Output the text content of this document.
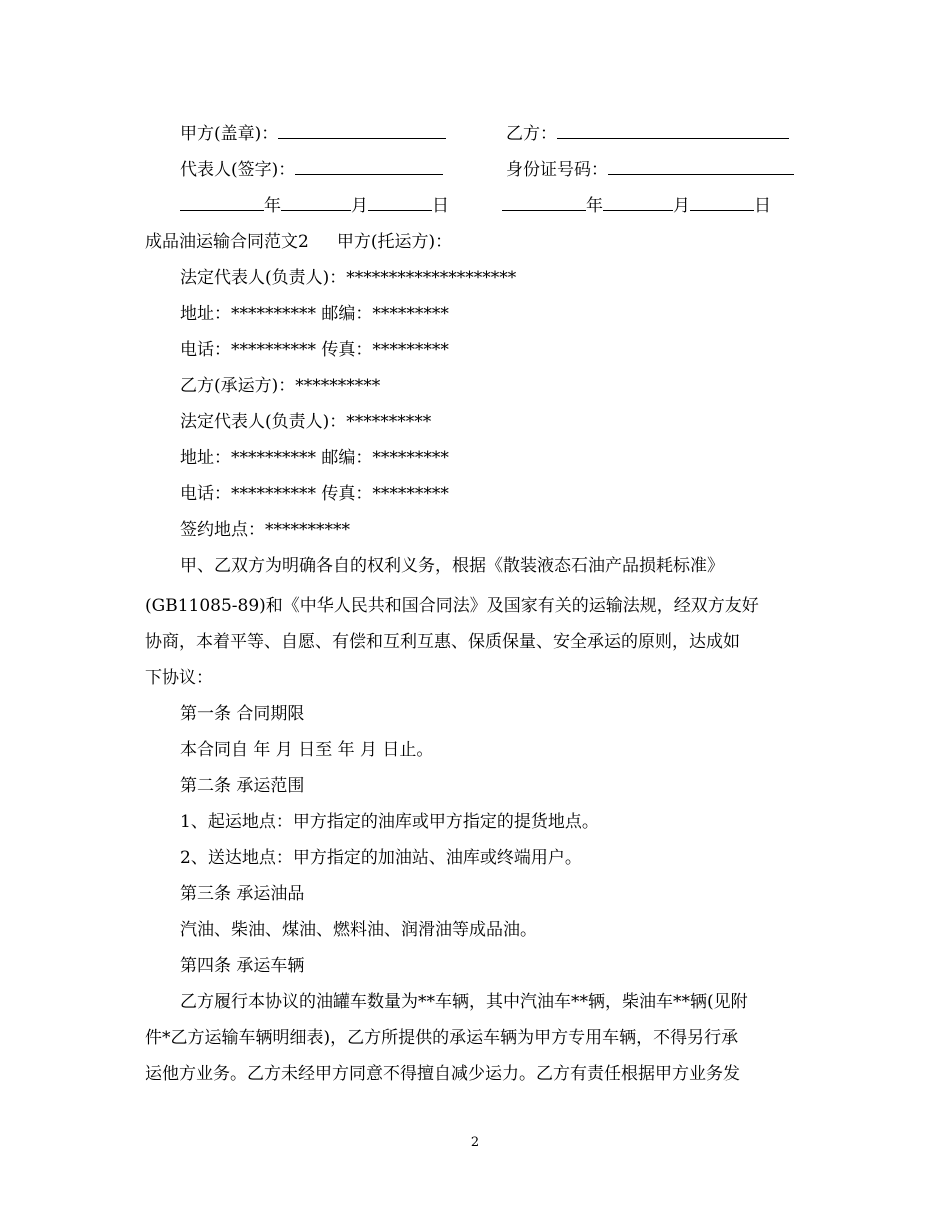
甲方(盖章)：	乙方：
代表人(签字)：	身份证号码：
年	月	日	年	月	日
成品油运输合同范文2 甲方(托运方)：
法定代表人(负责人)：********************
地址：********** 邮编：*********
电话：********** 传真：*********
乙方(承运方)：**********
法定代表人(负责人)：**********
地址：********** 邮编：*********
电话：********** 传真：*********
签约地点：**********
甲、乙双方为明确各自的权利义务，根据《散装液态石油产品损耗标准》
(GB11085-89)和《中华人民共和国合同法》及国家有关的运输法规，经双方友好
协商，本着平等、自愿、有偿和互利互惠、保质保量、安全承运的原则，达成如
下协议：
第一条 合同期限
本合同自 年 月 日至 年 月 日止。
第二条 承运范围
1、起运地点：甲方指定的油库或甲方指定的提货地点。
2、送达地点：甲方指定的加油站、油库或终端用户。
第三条 承运油品
汽油、柴油、煤油、燃料油、润滑油等成品油。
第四条 承运车辆
乙方履行本协议的油罐车数量为**车辆，其中汽油车**辆，柴油车**辆(见附
件*乙方运输车辆明细表)，乙方所提供的承运车辆为甲方专用车辆，不得另行承
运他方业务。乙方未经甲方同意不得擅自减少运力。乙方有责任根据甲方业务发
2
